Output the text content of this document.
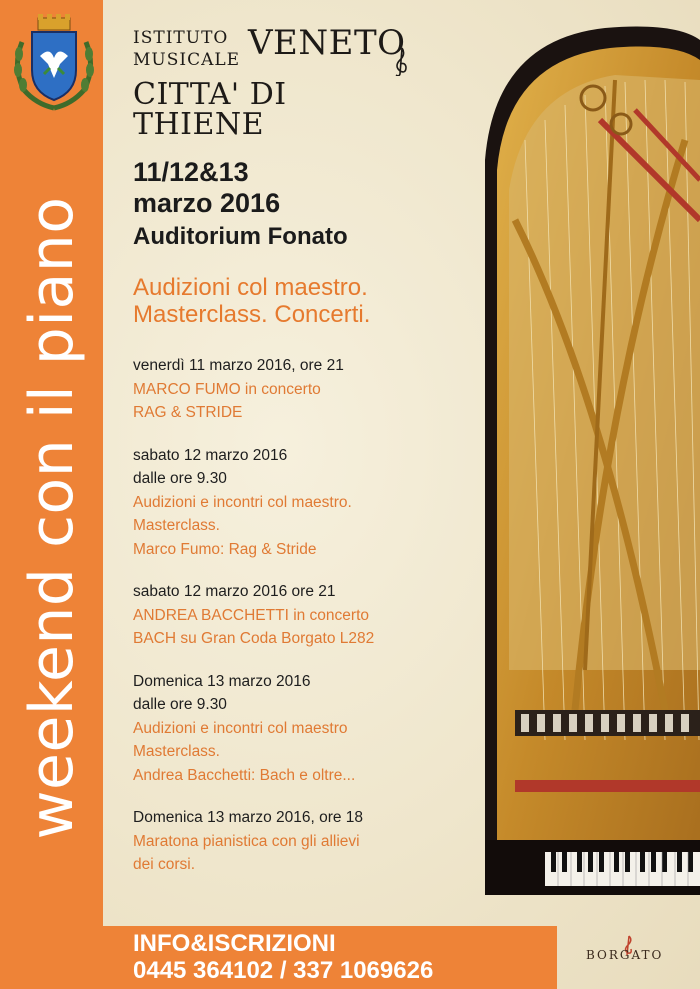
weekend con il piano
ISTITUTO
MUSICALE VENETO
CITTA' DI THIENE
11/12&13
marzo 2016
Auditorium Fonato
Audizioni col maestro.
Masterclass. Concerti.
venerdì 11 marzo 2016, ore 21
MARCO FUMO in concerto
RAG & STRIDE
sabato 12 marzo 2016
dalle ore 9.30
Audizioni e incontri col maestro.
Masterclass.
Marco Fumo: Rag & Stride
sabato 12 marzo 2016 ore 21
ANDREA BACCHETTI in concerto
BACH su Gran Coda Borgato L282
Domenica 13 marzo 2016
dalle ore 9.30
Audizioni e incontri col maestro
Masterclass.
Andrea Bacchetti: Bach e oltre...
Domenica 13 marzo 2016, ore 18
Maratona pianistica con gli allievi
dei corsi.
INFO&ISCRIZIONI
0445 364102 / 337 1069626
BORGATO
